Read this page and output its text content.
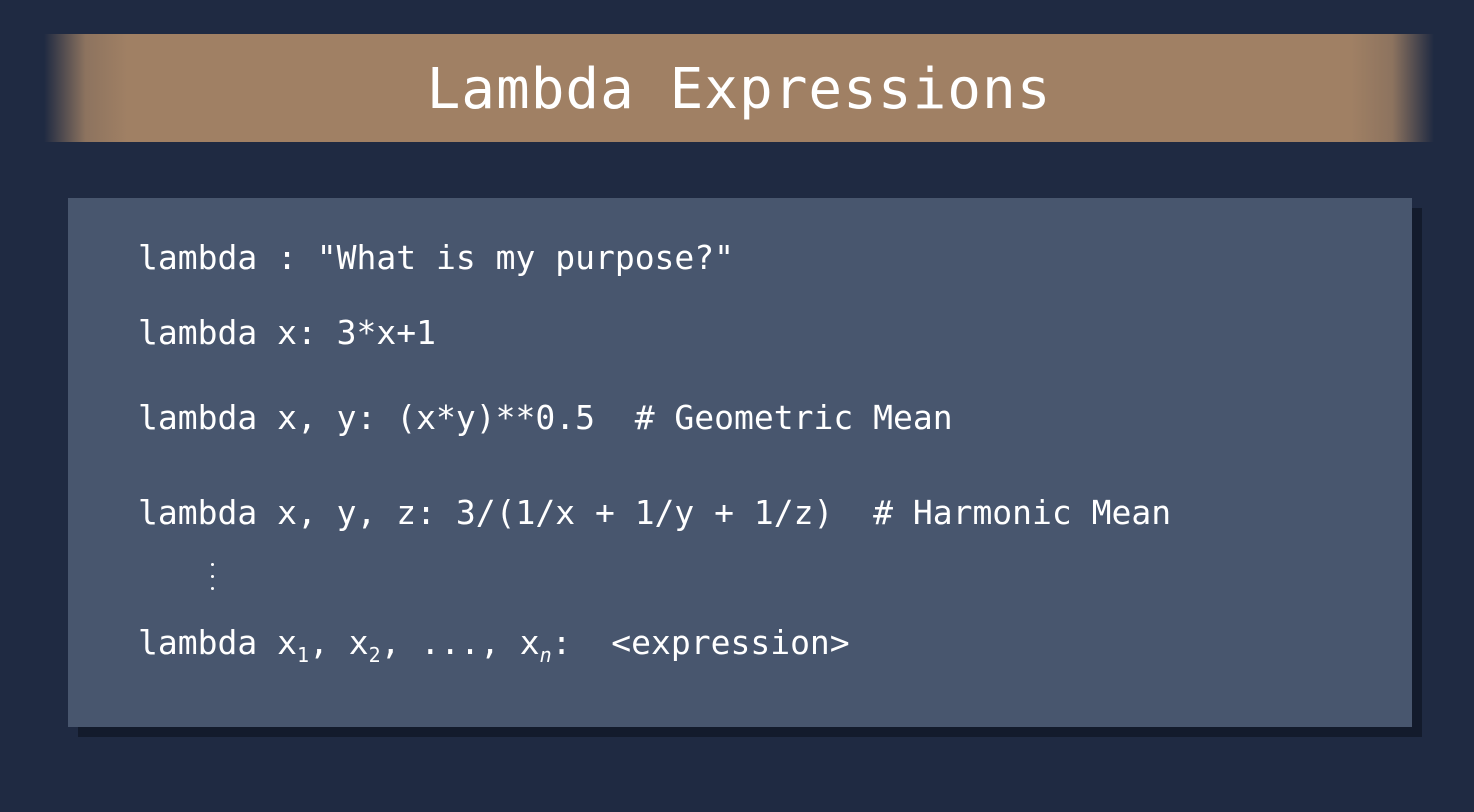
Lambda Expressions
lambda : "What is my purpose?"
lambda x: 3*x+1
lambda x, y: (x*y)**0.5  # Geometric Mean
lambda x, y, z: 3/(1/x + 1/y + 1/z)  # Harmonic Mean
lambda $x_1$, $x_2$, ..., $x_n$:  <expression>
